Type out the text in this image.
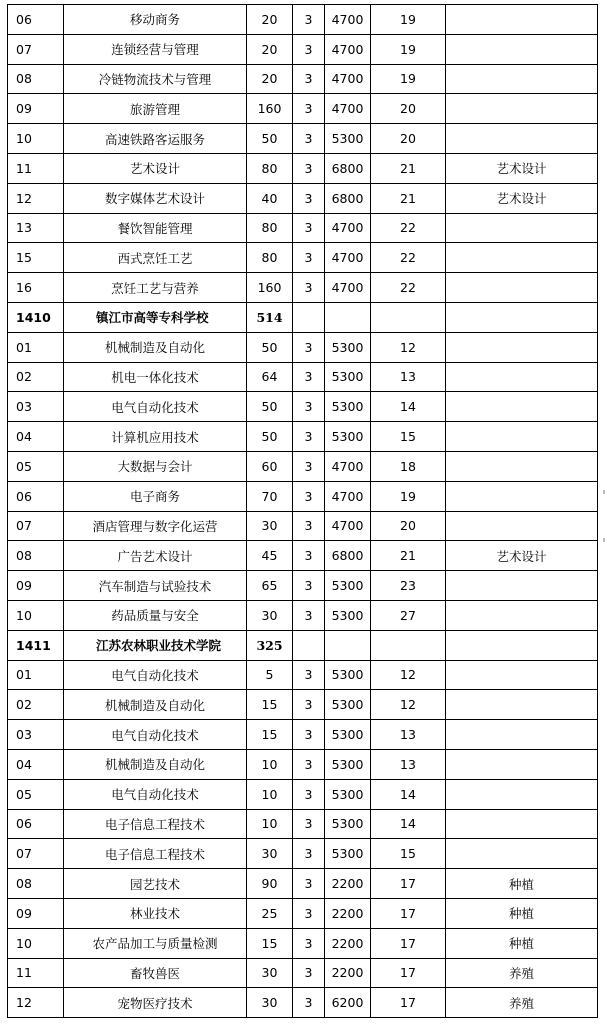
06	移动商务	20	3	4700	19	
07	连锁经营与管理	20	3	4700	19	
08	冷链物流技术与管理	20	3	4700	19	
09	旅游管理	160	3	4700	20	
10	高速铁路客运服务	50	3	5300	20	
11	艺术设计	80	3	6800	21	艺术设计
12	数字媒体艺术设计	40	3	6800	21	艺术设计
13	餐饮智能管理	80	3	4700	22	
15	西式烹饪工艺	80	3	4700	22	
16	烹饪工艺与营养	160	3	4700	22	
1410	镇江市高等专科学校	514				
01	机械制造及自动化	50	3	5300	12	
02	机电一体化技术	64	3	5300	13	
03	电气自动化技术	50	3	5300	14	
04	计算机应用技术	50	3	5300	15	
05	大数据与会计	60	3	4700	18	
06	电子商务	70	3	4700	19	
07	酒店管理与数字化运营	30	3	4700	20	
08	广告艺术设计	45	3	6800	21	艺术设计
09	汽车制造与试验技术	65	3	5300	23	
10	药品质量与安全	30	3	5300	27	
1411	江苏农林职业技术学院	325				
01	电气自动化技术	5	3	5300	12	
02	机械制造及自动化	15	3	5300	12	
03	电气自动化技术	15	3	5300	13	
04	机械制造及自动化	10	3	5300	13	
05	电气自动化技术	10	3	5300	14	
06	电子信息工程技术	10	3	5300	14	
07	电子信息工程技术	30	3	5300	15	
08	园艺技术	90	3	2200	17	种植
09	林业技术	25	3	2200	17	种植
10	农产品加工与质量检测	15	3	2200	17	种植
11	畜牧兽医	30	3	2200	17	养殖
12	宠物医疗技术	30	3	6200	17	养殖
